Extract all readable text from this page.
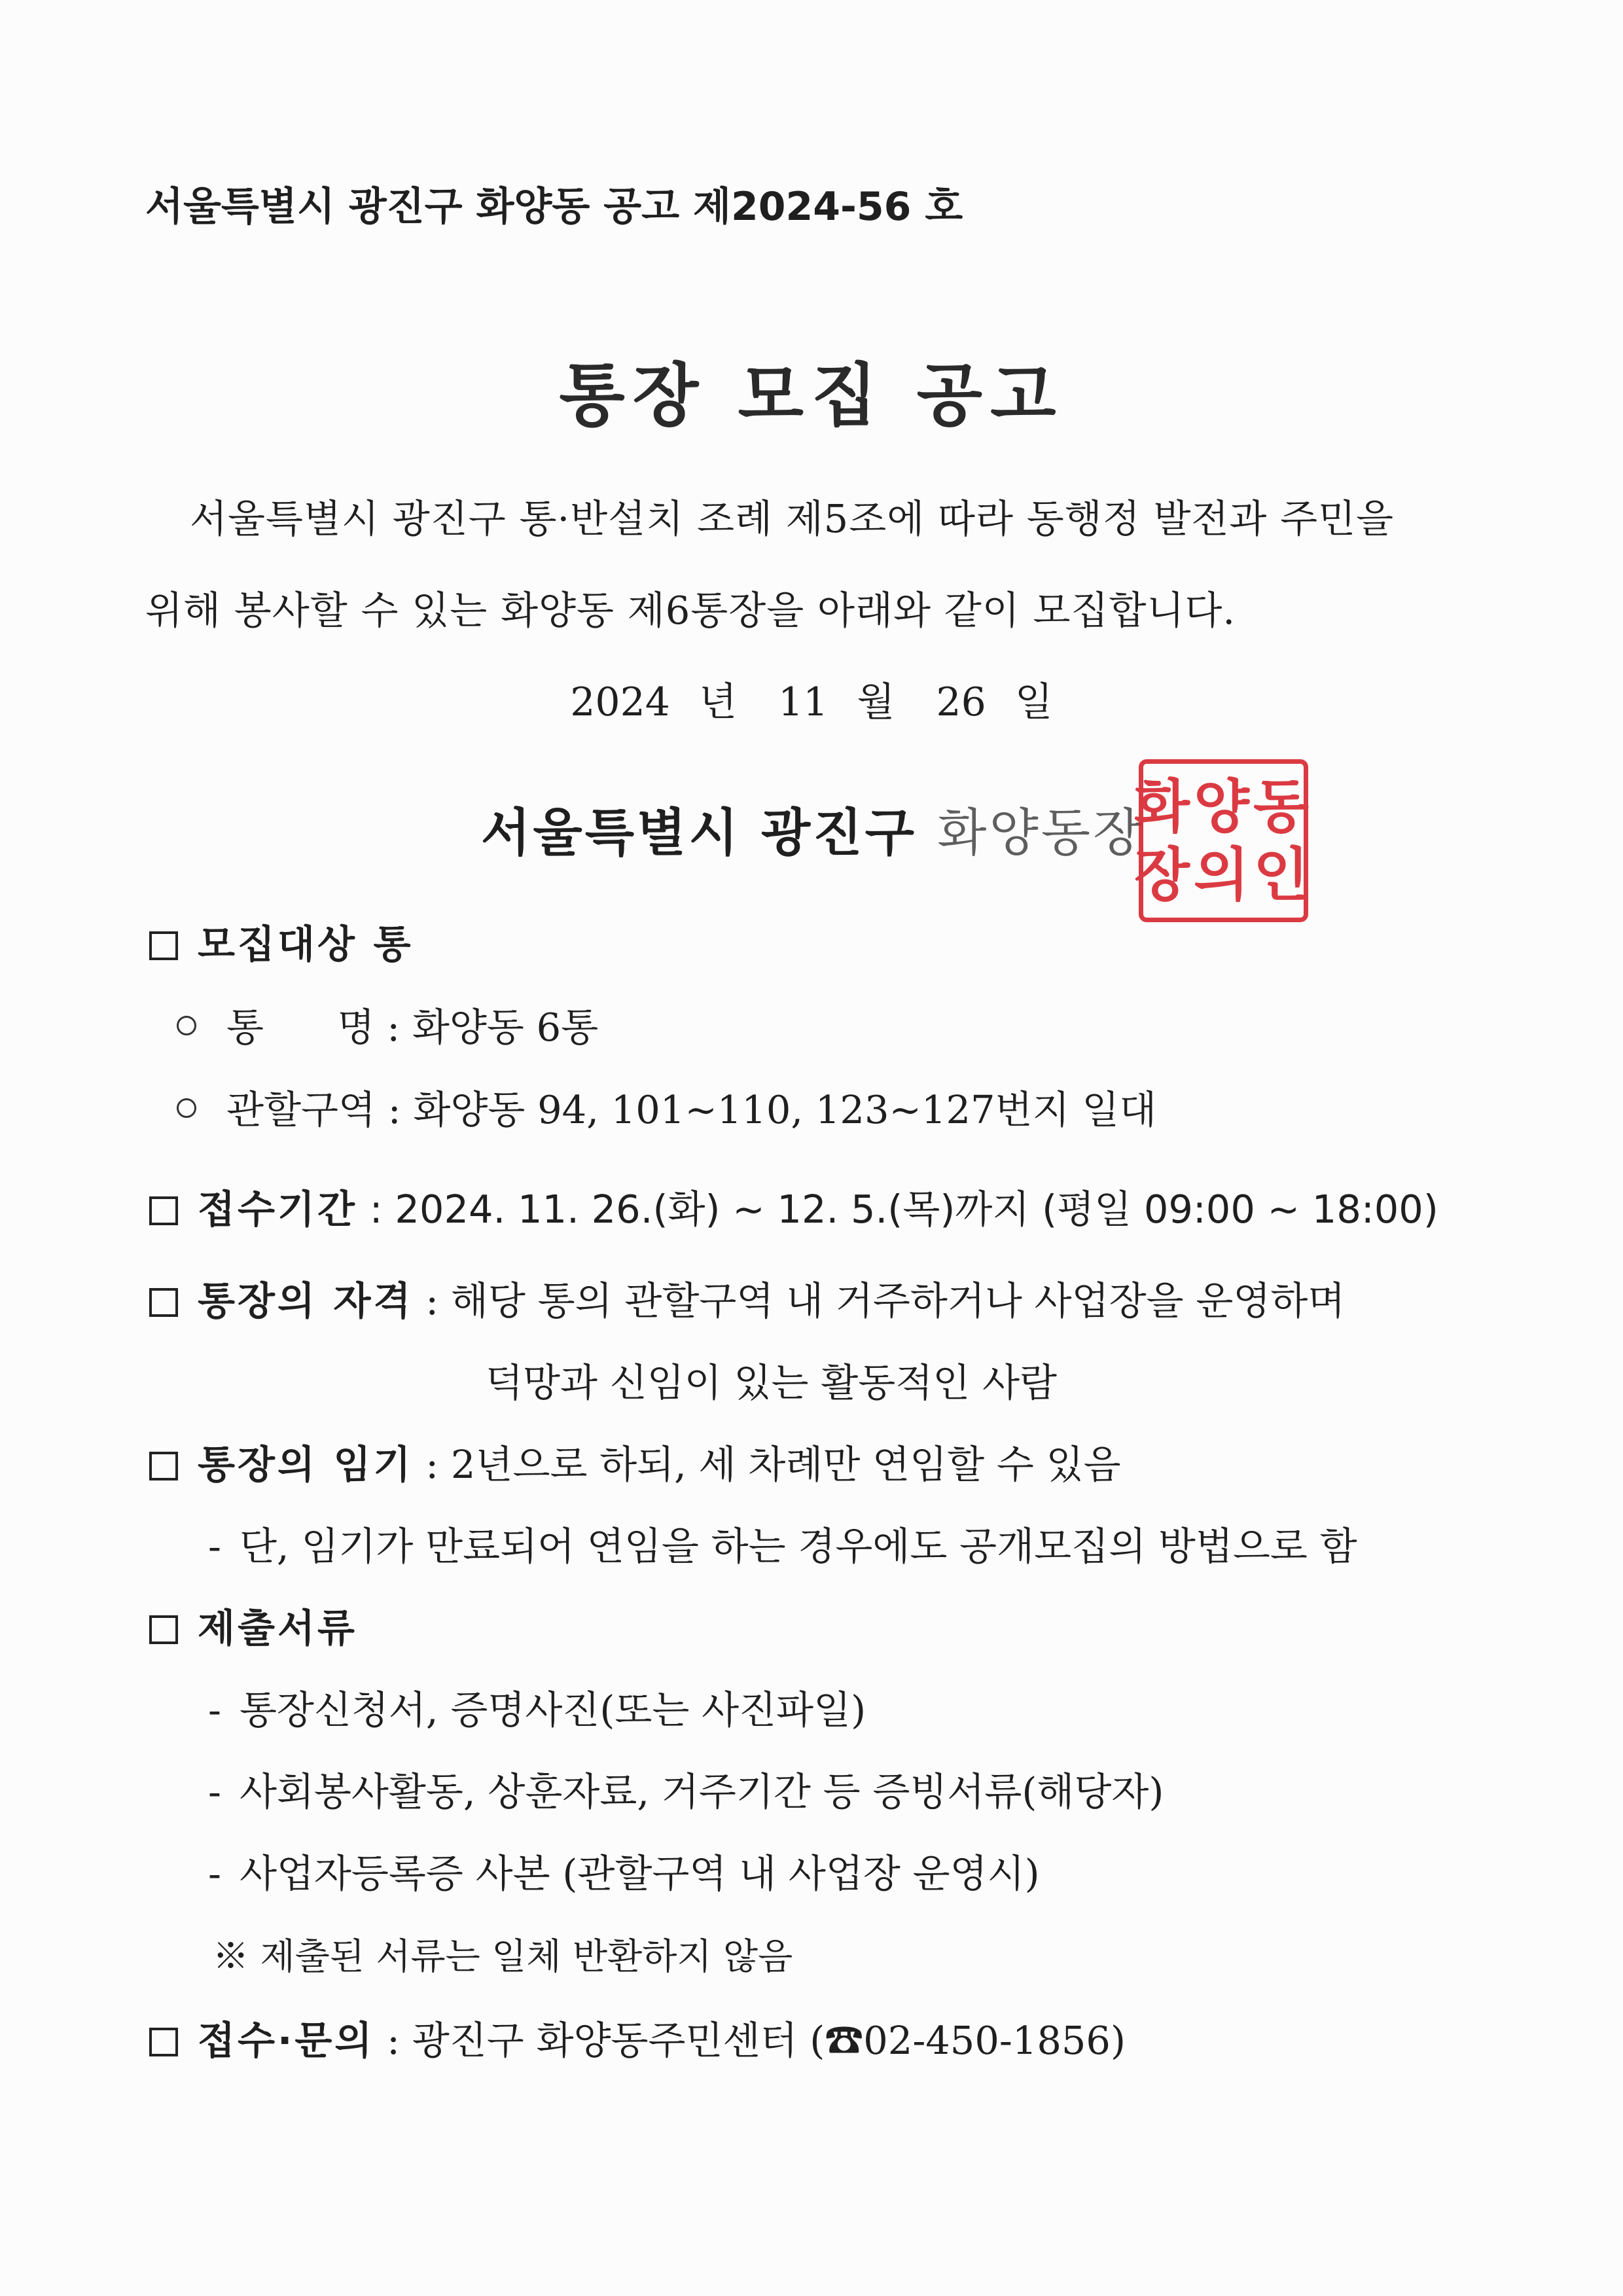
서울특별시 광진구 화양동 공고 제2024-56 호
통장 모집 공고
서울특별시 광진구 통·반설치 조례 제5조에 따라 동행정 발전과 주민을
위해 봉사할 수 있는 화양동 제6통장을 아래와 같이 모집합니다.
2024 년 11 월 26 일
서울특별시 광진구 화양동장
화양동
장의인
모집대상 통
통      명 : 화양동 6통
관할구역 : 화양동 94, 101~110, 123~127번지 일대
접수기간 : 2024. 11. 26.(화) ~ 12. 5.(목)까지 (평일 09:00 ~ 18:00)
통장의 자격 : 해당 통의 관할구역 내 거주하거나 사업장을 운영하며
덕망과 신임이 있는 활동적인 사람
통장의 임기 : 2년으로 하되, 세 차례만 연임할 수 있음
- 단, 임기가 만료되어 연임을 하는 경우에도 공개모집의 방법으로 함
제출서류
- 통장신청서, 증명사진(또는 사진파일)
- 사회봉사활동, 상훈자료, 거주기간 등 증빙서류(해당자)
- 사업자등록증 사본 (관할구역 내 사업장 운영시)
※ 제출된 서류는 일체 반환하지 않음
접수·문의 : 광진구 화양동주민센터 (☎02-450-1856)
